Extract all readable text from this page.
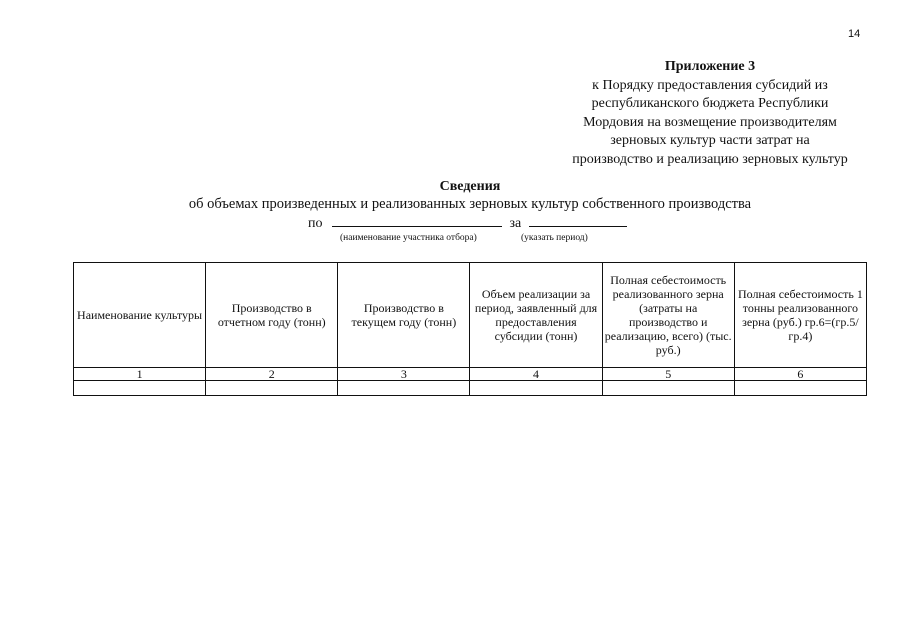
14
Приложение 3
к Порядку предоставления субсидий из
республиканского бюджета Республики
Мордовия на возмещение производителям
зерновых культур части затрат на
производство и реализацию зерновых культур
Сведения
об объемах произведенных и реализованных зерновых культур собственного производства
по	за
(наименование участника отбора)	(указать период)
Наименование культуры	Производство в отчетном году (тонн)	Производство в текущем году (тонн)	Объем реализации за период, заявленный для предоставления субсидии (тонн)	Полная себестоимость реализованного зерна (затраты на производство и реализацию, всего) (тыс. руб.)	Полная себестоимость 1 тонны реализованного зерна (руб.) гр.6=(гр.5/гр.4)
1	2	3	4	5	6
